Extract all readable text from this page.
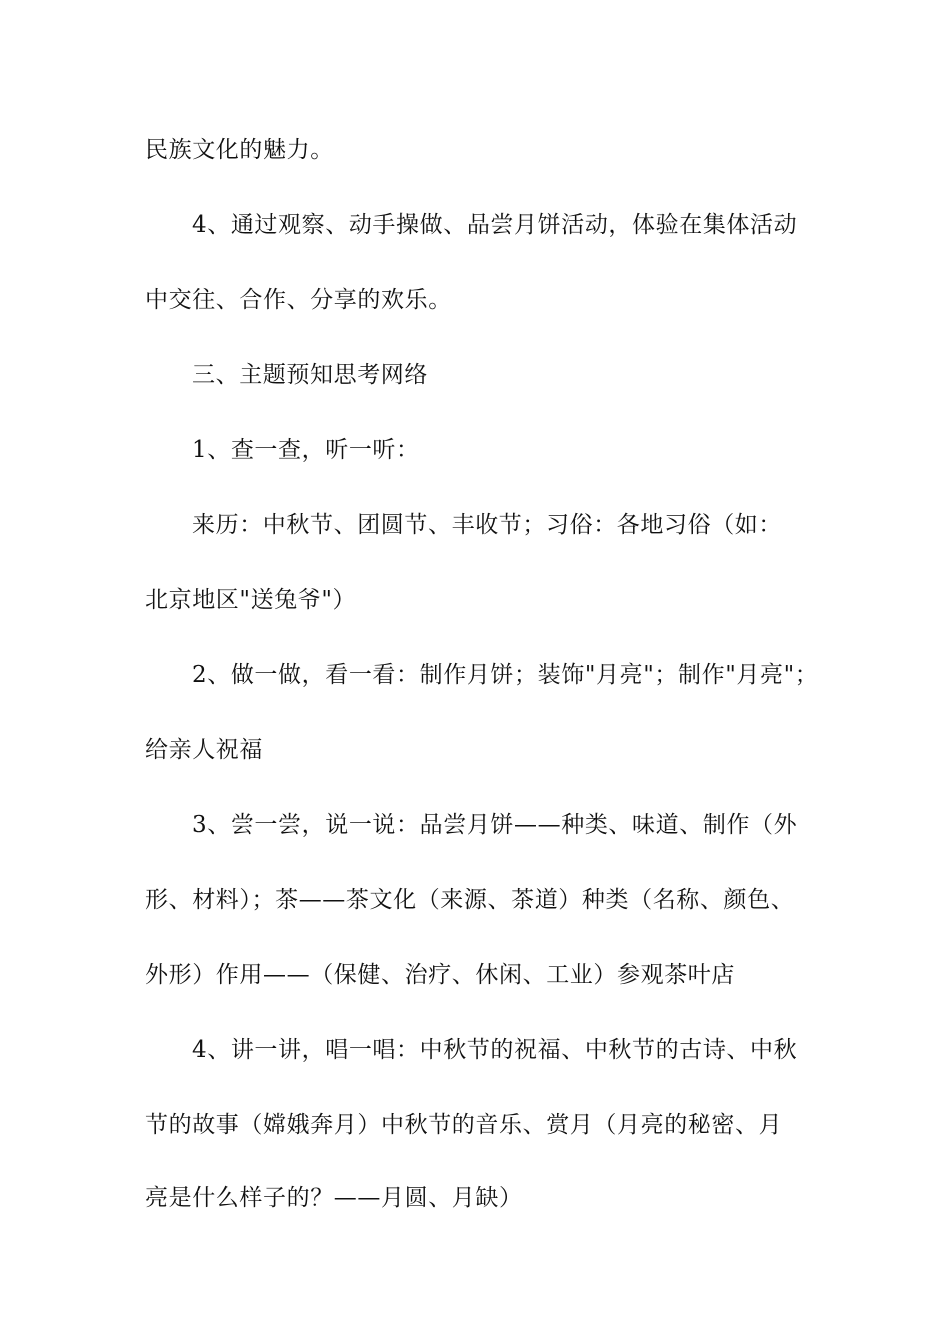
民族文化的魅力。
4、通过观察、动手操做、品尝月饼活动，体验在集体活动
中交往、合作、分享的欢乐。
三、主题预知思考网络
1、查一查，听一听：
来历：中秋节、团圆节、丰收节；习俗：各地习俗（如：
北京地区"送兔爷"）
2、做一做，看一看：制作月饼；装饰"月亮"；制作"月亮"；
给亲人祝福
3、尝一尝，说一说：品尝月饼——种类、味道、制作（外
形、材料）；茶——茶文化（来源、茶道）种类（名称、颜色、
外形）作用——（保健、治疗、休闲、工业）参观茶叶店
4、讲一讲，唱一唱：中秋节的祝福、中秋节的古诗、中秋
节的故事（嫦娥奔月）中秋节的音乐、赏月（月亮的秘密、月
亮是什么样子的？——月圆、月缺）
